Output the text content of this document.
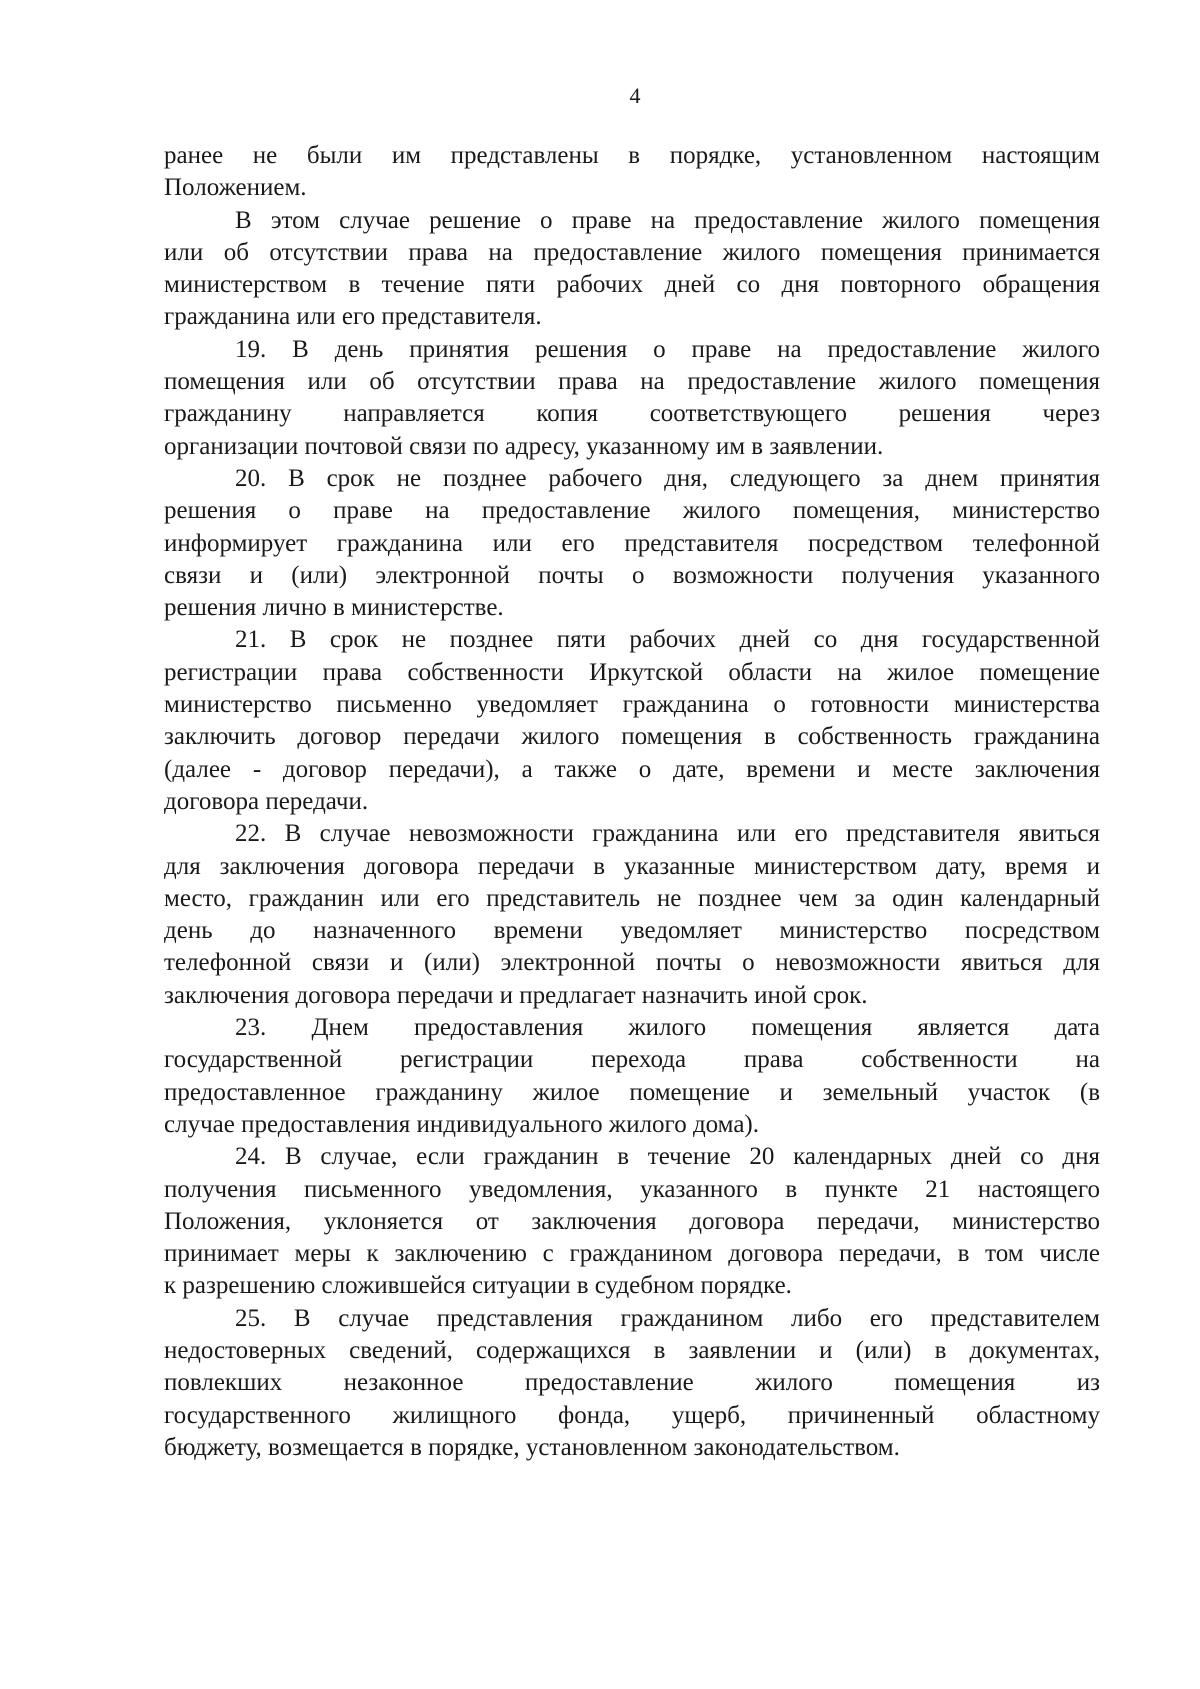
4
ранее не были им представлены в порядке, установленном настоящим
Положением.
В этом случае решение о праве на предоставление жилого помещения
или об отсутствии права на предоставление жилого помещения принимается
министерством в течение пяти рабочих дней со дня повторного обращения
гражданина или его представителя.
19. В день принятия решения о праве на предоставление жилого
помещения или об отсутствии права на предоставление жилого помещения
гражданину направляется копия соответствующего решения через
организации почтовой связи по адресу, указанному им в заявлении.
20. В срок не позднее рабочего дня, следующего за днем принятия
решения о праве на предоставление жилого помещения, министерство
информирует гражданина или его представителя посредством телефонной
связи и (или) электронной почты о возможности получения указанного
решения лично в министерстве.
21. В срок не позднее пяти рабочих дней со дня государственной
регистрации права собственности Иркутской области на жилое помещение
министерство письменно уведомляет гражданина о готовности министерства
заключить договор передачи жилого помещения в собственность гражданина
(далее - договор передачи), а также о дате, времени и месте заключения
договора передачи.
22. В случае невозможности гражданина или его представителя явиться
для заключения договора передачи в указанные министерством дату, время и
место, гражданин или его представитель не позднее чем за один календарный
день до назначенного времени уведомляет министерство посредством
телефонной связи и (или) электронной почты о невозможности явиться для
заключения договора передачи и предлагает назначить иной срок.
23. Днем предоставления жилого помещения является дата
государственной регистрации перехода права собственности на
предоставленное гражданину жилое помещение и земельный участок (в
случае предоставления индивидуального жилого дома).
24. В случае, если гражданин в течение 20 календарных дней со дня
получения письменного уведомления, указанного в пункте 21 настоящего
Положения, уклоняется от заключения договора передачи, министерство
принимает меры к заключению с гражданином договора передачи, в том числе
к разрешению сложившейся ситуации в судебном порядке.
25. В случае представления гражданином либо его представителем
недостоверных сведений, содержащихся в заявлении и (или) в документах,
повлекших незаконное предоставление жилого помещения из
государственного жилищного фонда, ущерб, причиненный областному
бюджету, возмещается в порядке, установленном законодательством.
